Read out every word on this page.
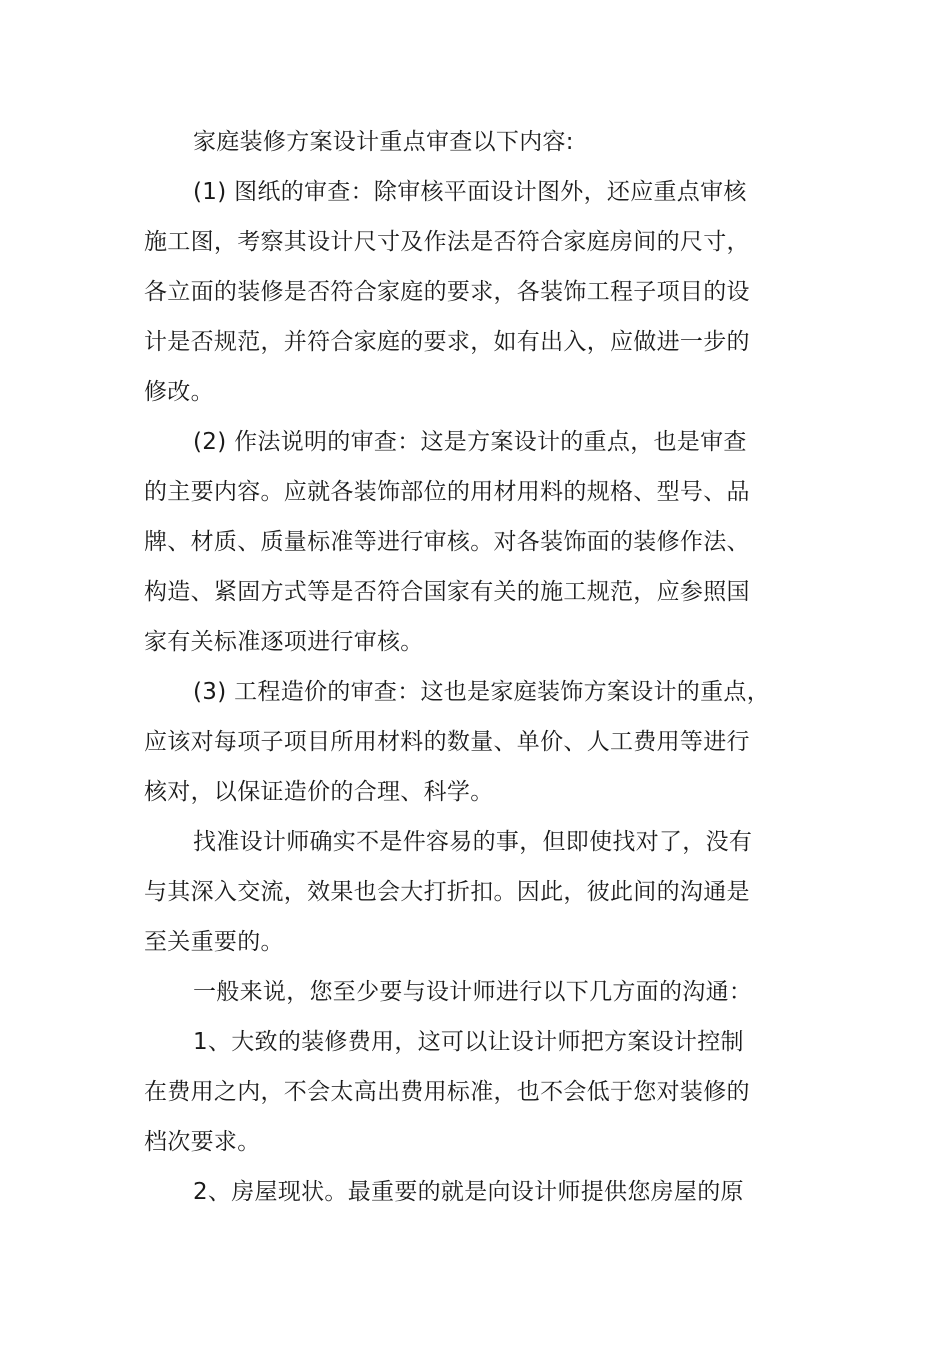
家庭装修方案设计重点审查以下内容:
(1) 图纸的审查：除审核平面设计图外，还应重点审核
施工图，考察其设计尺寸及作法是否符合家庭房间的尺寸，
各立面的装修是否符合家庭的要求，各装饰工程子项目的设
计是否规范，并符合家庭的要求，如有出入，应做进一步的
修改。
(2) 作法说明的审查：这是方案设计的重点，也是审查
的主要内容。应就各装饰部位的用材用料的规格、型号、品
牌、材质、质量标准等进行审核。对各装饰面的装修作法、
构造、紧固方式等是否符合国家有关的施工规范，应参照国
家有关标准逐项进行审核。
(3) 工程造价的审查：这也是家庭装饰方案设计的重点，
应该对每项子项目所用材料的数量、单价、人工费用等进行
核对，以保证造价的合理、科学。
找准设计师确实不是件容易的事，但即使找对了，没有
与其深入交流，效果也会大打折扣。因此，彼此间的沟通是
至关重要的。
一般来说，您至少要与设计师进行以下几方面的沟通：
1、大致的装修费用，这可以让设计师把方案设计控制
在费用之内，不会太高出费用标准，也不会低于您对装修的
档次要求。
2、房屋现状。最重要的就是向设计师提供您房屋的原
